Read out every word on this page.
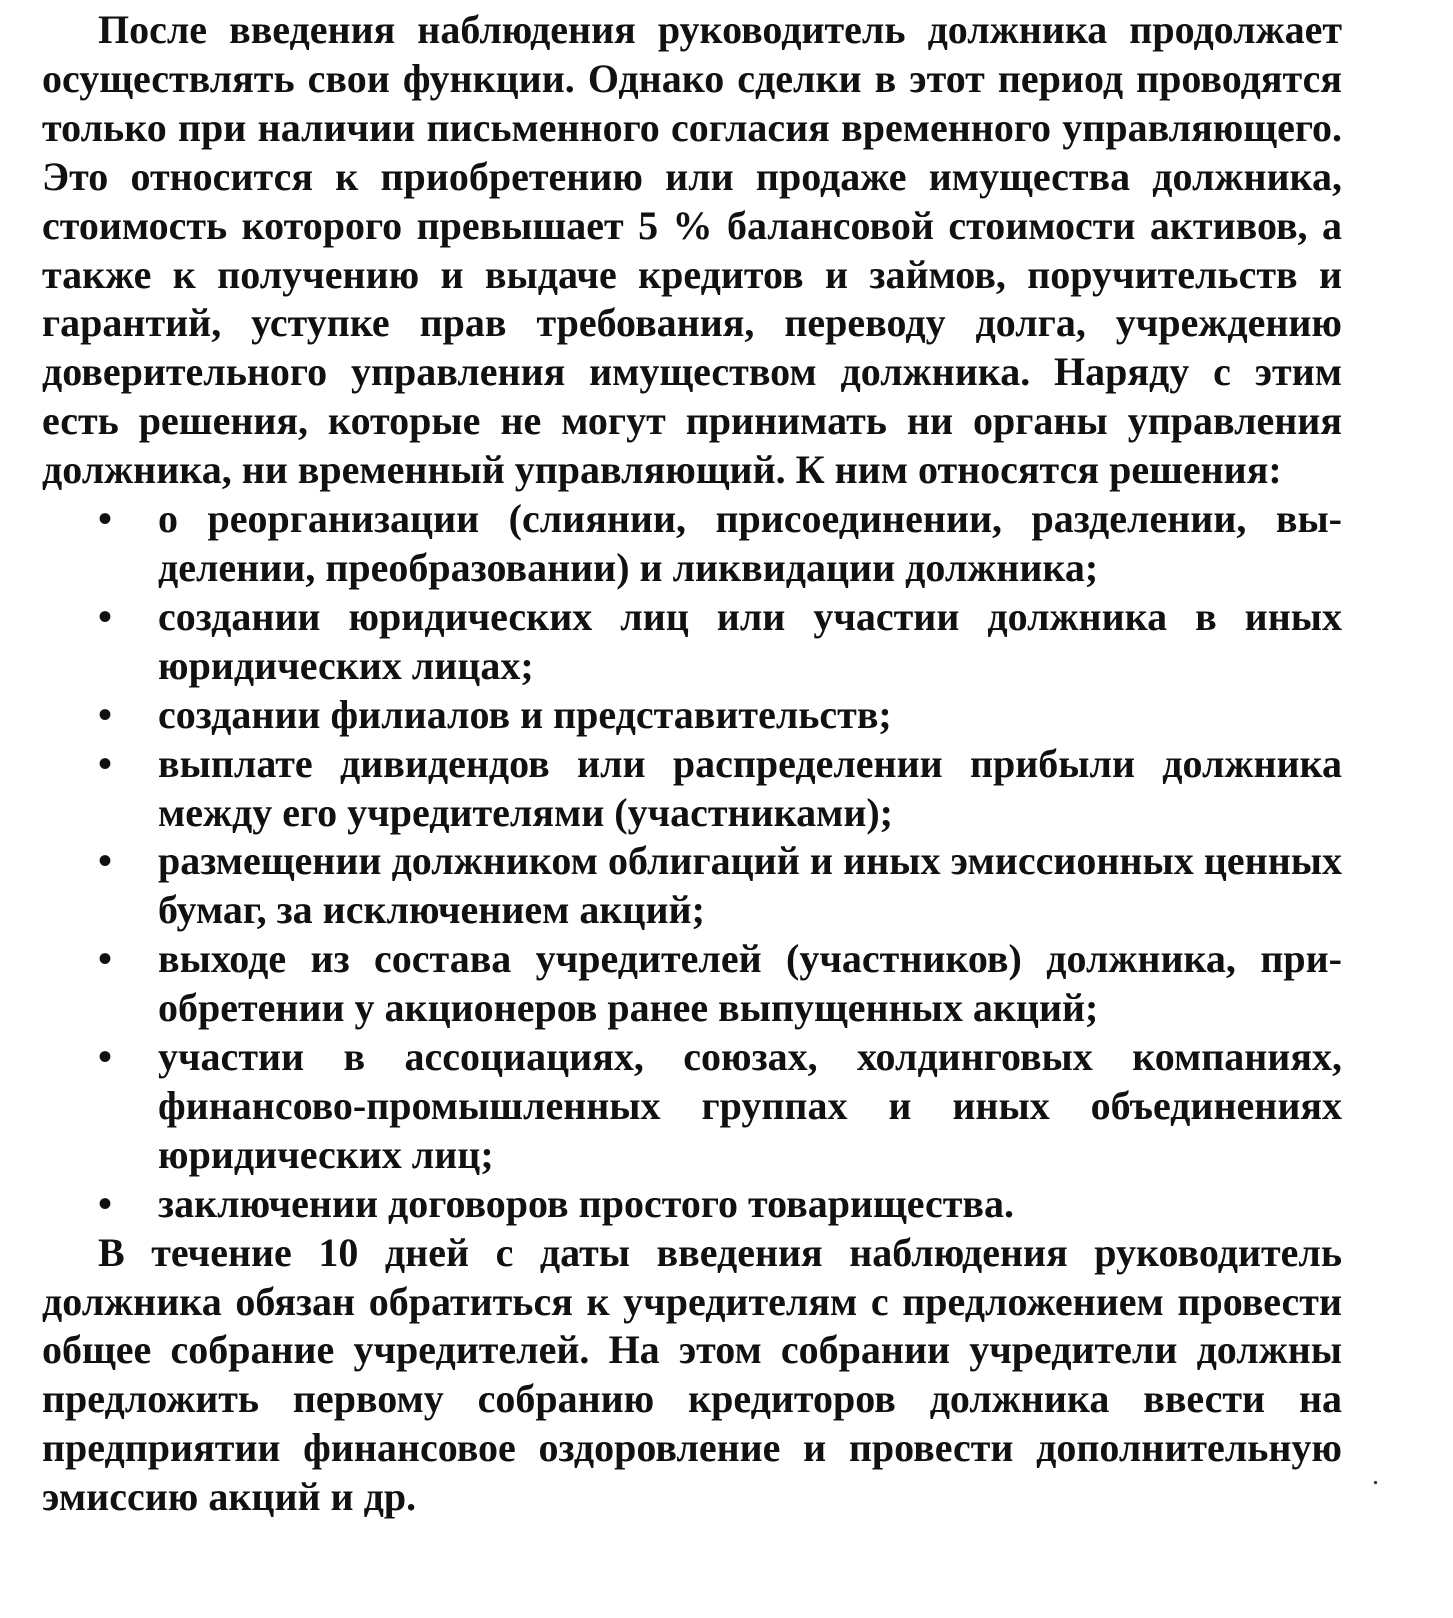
После введения наблюдения руководитель должника продолжает осуществлять свои функции. Однако сделки в этот период проводятся только при наличии письменного согласия временного управляющего. Это относится к приобретению или продаже имущества должника, стоимость которого превышает 5 % балансовой стоимости активов, а также к получению и выдаче кредитов и займов, поручительств и гарантий, уступке прав требования, переводу долга, учреждению доверительного управления имуществом должника. Наряду с этим есть решения, которые не могут принимать ни органы управления должника, ни временный управляющий. К ним относятся решения:

• о реорганизации (слиянии, присоединении, разделении, выделении, преобразовании) и ликвидации должника;
• создании юридических лиц или участии должника в иных юридических лицах;
• создании филиалов и представительств;
• выплате дивидендов или распределении прибыли должника между его учредителями (участниками);
• размещении должником облигаций и иных эмиссионных ценных бумаг, за исключением акций;
• выходе из состава учредителей (участников) должника, приобретении у акционеров ранее выпущенных акций;
• участии в ассоциациях, союзах, холдинговых компаниях, финансово-промышленных группах и иных объединениях юридических лиц;
• заключении договоров простого товарищества.

В течение 10 дней с даты введения наблюдения руководитель должника обязан обратиться к учредителям с предложением провести общее собрание учредителей. На этом собрании учредители должны предложить первому собранию кредиторов должника ввести на предприятии финансовое оздоровление и провести дополнительную эмиссию акций и др.	.
